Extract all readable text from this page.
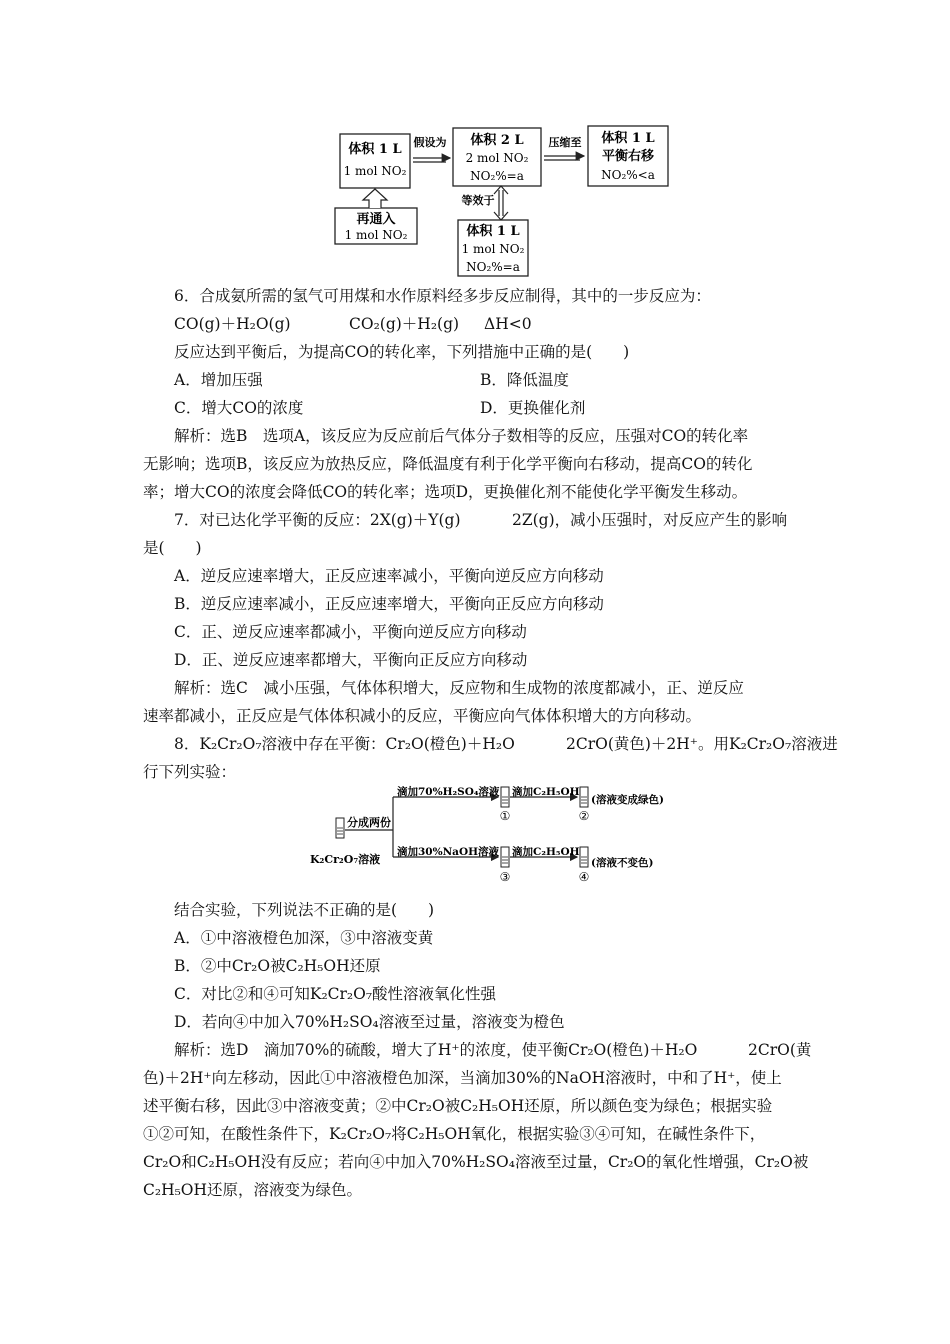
体积 1 L
1 mol NO₂
假设为 体积 2 L
2 mol NO₂
NO₂%=a
压缩至 体积 1 L
平衡右移
NO₂%<a
再通入
1 mol NO₂
等效于
体积 1 L
1 mol NO₂
NO₂%=a
6．合成氨所需的氢气可用煤和水作原料经多步反应制得，其中的一步反应为：
CO(g)＋H₂O(g)	CO₂(g)＋H₂(g) ΔH<0
反应达到平衡后，为提高CO的转化率，下列措施中正确的是(　　)
A．增加压强	B．降低温度
C．增大CO的浓度	D．更换催化剂
解析：选B　选项A，该反应为反应前后气体分子数相等的反应，压强对CO的转化率
无影响；选项B，该反应为放热反应，降低温度有利于化学平衡向右移动，提高CO的转化
率；增大CO的浓度会降低CO的转化率；选项D，更换催化剂不能使化学平衡发生移动。
7．对已达化学平衡的反应：2X(g)＋Y(g)	2Z(g)，减小压强时，对反应产生的影响
是(　　)
A．逆反应速率增大，正反应速率减小，平衡向逆反应方向移动
B．逆反应速率减小，正反应速率增大，平衡向正反应方向移动
C．正、逆反应速率都减小，平衡向逆反应方向移动
D．正、逆反应速率都增大，平衡向正反应方向移动
解析：选C　减小压强，气体体积增大，反应物和生成物的浓度都减小，正、逆反应
速率都减小，正反应是气体体积减小的反应，平衡应向气体体积增大的方向移动。
8．K₂Cr₂O₇溶液中存在平衡：Cr₂O(橙色)＋H₂O	2CrO(黄色)＋2H⁺。用K₂Cr₂O₇溶液进
行下列实验：
K₂Cr₂O₇溶液
分成两份
滴加70%H₂SO₄溶液
①
滴加C₂H₅OH
②
(溶液变成绿色)
滴加30%NaOH溶液
③
滴加C₂H₅OH
④
(溶液不变色)
结合实验，下列说法不正确的是(　　)
A．①中溶液橙色加深，③中溶液变黄
B．②中Cr₂O被C₂H₅OH还原
C．对比②和④可知K₂Cr₂O₇酸性溶液氧化性强
D．若向④中加入70%H₂SO₄溶液至过量，溶液变为橙色
解析：选D　滴加70%的硫酸，增大了H⁺的浓度，使平衡Cr₂O(橙色)＋H₂O	2CrO(黄
色)＋2H⁺向左移动，因此①中溶液橙色加深，当滴加30%的NaOH溶液时，中和了H⁺，使上
述平衡右移，因此③中溶液变黄；②中Cr₂O被C₂H₅OH还原，所以颜色变为绿色；根据实验
①②可知，在酸性条件下，K₂Cr₂O₇将C₂H₅OH氧化，根据实验③④可知，在碱性条件下，
Cr₂O和C₂H₅OH没有反应；若向④中加入70%H₂SO₄溶液至过量，Cr₂O的氧化性增强，Cr₂O被
C₂H₅OH还原，溶液变为绿色。
